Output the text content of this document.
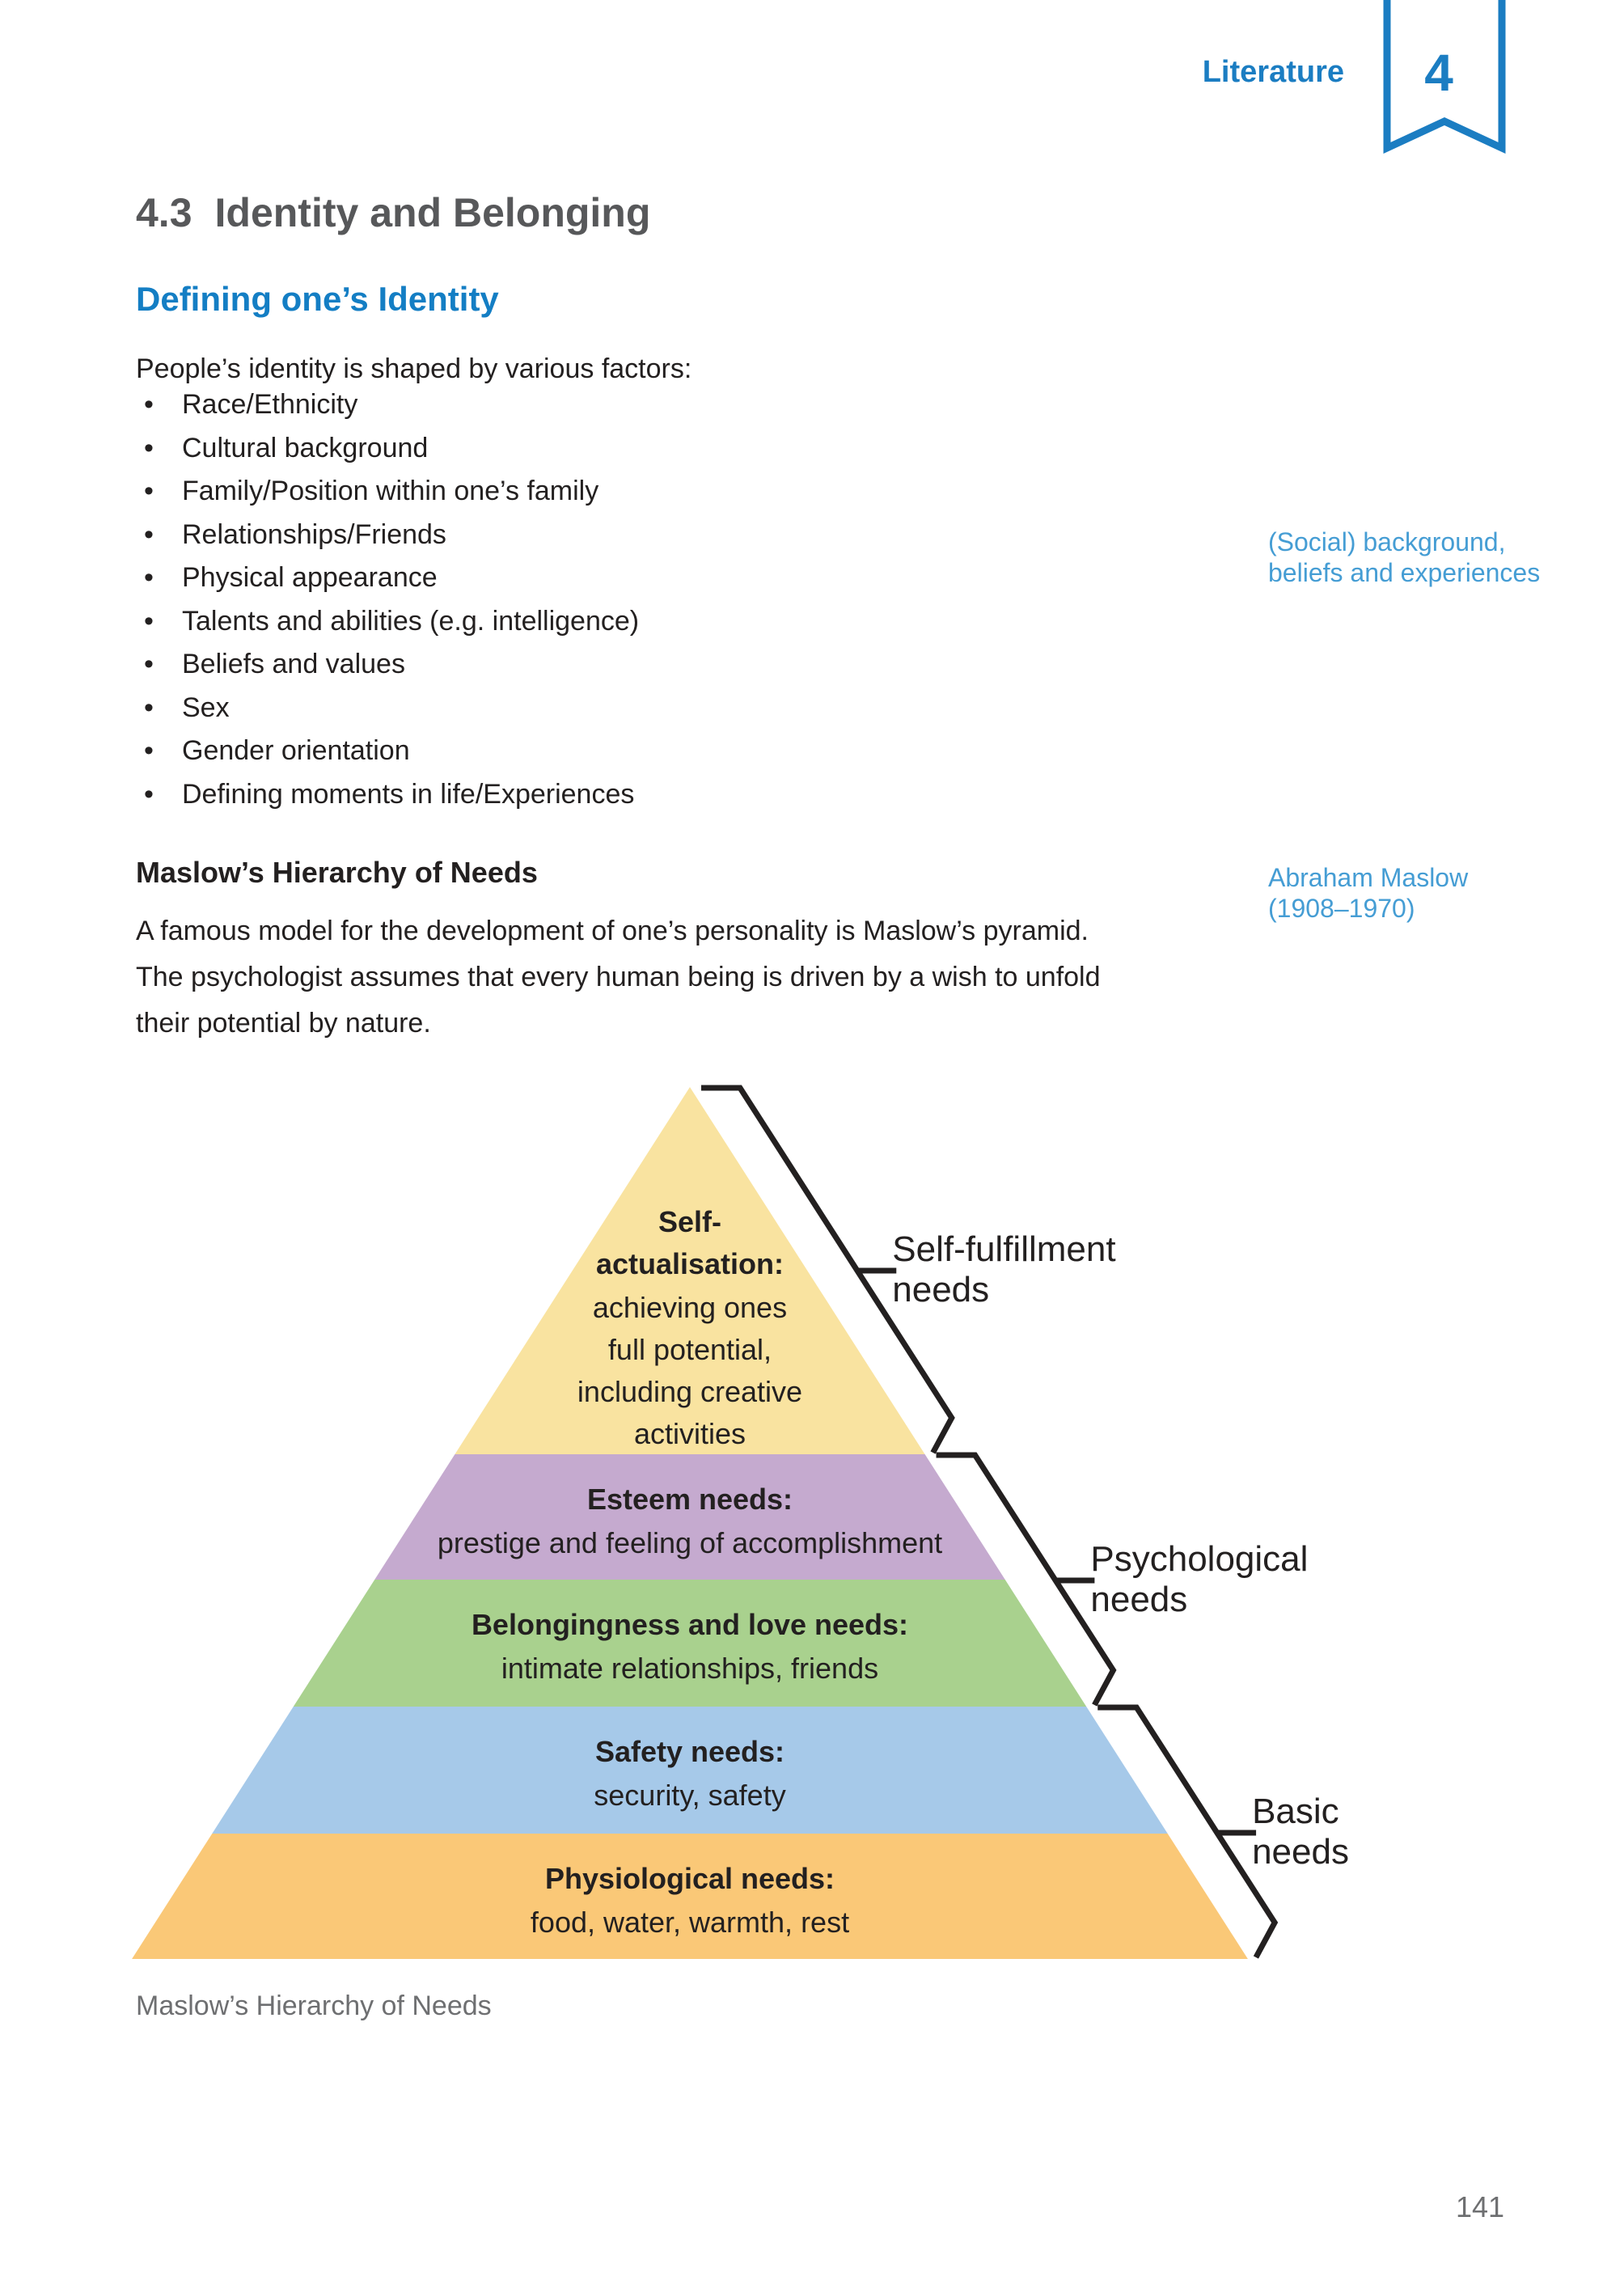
Literature	4
4.3 Identity and Belonging
Defining one’s Identity
People’s identity is shaped by various factors:
• Race/Ethnicity
• Cultural background
• Family/Position within one’s family
• Relationships/Friends
• Physical appearance
• Talents and abilities (e.g. intelligence)
• Beliefs and values
• Sex
• Gender orientation
• Defining moments in life/Experiences
(Social) background,
beliefs and experiences
Abraham Maslow
(1908–1970)
Maslow’s Hierarchy of Needs
A famous model for the development of one’s personality is Maslow’s pyramid.
The psychologist assumes that every human being is driven by a wish to unfold
their potential by nature.
Self-
actualisation:
achieving ones
full potential,
including creative
activities
Esteem needs:
prestige and feeling of accomplishment
Belongingness and love needs:
intimate relationships, friends
Safety needs:
security, safety
Physiological needs:
food, water, warmth, rest
Self-fulfillment
needs
Psychological
needs
Basic
needs
Maslow’s Hierarchy of Needs
141
